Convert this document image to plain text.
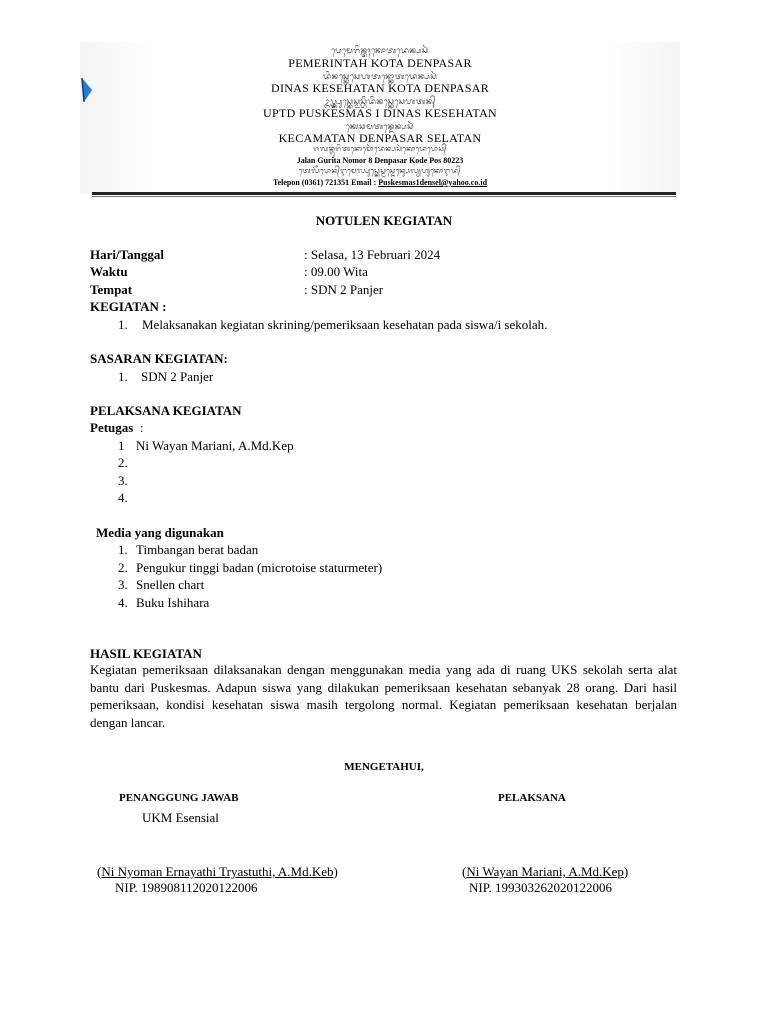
ᬧᬾᬫᬾᬭᬶᬦ᭄ᬢᬄᬓᭀᬢᬤᬾᬦ᭄ᬧᬲᬃ
PEMERINTAH KOTA DENPASAR
ᬤᬶᬦᬲ᭄ᬓᬾᬲᬾᬳᬢᬦ᭄ᬓᭀᬢᬤᬾᬦ᭄ᬧᬲᬃ
DINAS KESEHATAN KOTA DENPASAR
ᬉᬧ᭄ᬢ᭄ᬤ᭄ᬧᬸᬲ᭄ᬓᬾᬲ᭄ᬫᬲ᭄ᬳᬶᬤᬶᬦᬲ᭄ᬓᬾᬲᬾᬳᬢᬦ᭄
UPTD PUSKESMAS I DINAS KESEHATAN
ᬓᬾᬘᬫᬢᬦ᭄ᬤᬾᬦ᭄ᬧᬲᬃ
KECAMATAN DENPASAR SELATAN
ᬚᬮᬦ᭄ᬕᬸᬭᬶᬢᬦᭀᬫᭀᬃᬤᬾᬦ᭄ᬧᬲᬃᬓᭀᬤᬾᬧᭀᬲ᭄
Jalan Gurita Nomor 8 Denpasar Kode Pos 80223
ᬢᬾᬮᭂᬧᭀᬦ᭄ᬇᬫᬾᬮ᭄ᬧᬸᬲ᭄ᬓᬾᬲ᭄ᬫᬲ᭄ᬤᬾᬦ᭄ᬲᬾᬮ᭄ᬬᬳᬸᬓᭀᬇᬤ᭄
Telepon (0361) 721351 Email : Puskesmas1densel@yahoo.co.id
NOTULEN KEGIATAN
Hari/Tanggal	: Selasa, 13 Februari 2024
Waktu	: 09.00 Wita
Tempat	: SDN 2 Panjer
KEGIATAN :
1. Melaksanakan kegiatan skrining/pemeriksaan kesehatan pada siswa/i sekolah.
SASARAN KEGIATAN:
1. SDN 2 Panjer
PELAKSANA KEGIATAN
Petugas :
1 Ni Wayan Mariani, A.Md.Kep
2.
3.
4.
Media yang digunakan
1. Timbangan berat badan
2. Pengukur tinggi badan (microtoise staturmeter)
3. Snellen chart
4. Buku Ishihara
HASIL KEGIATAN
Kegiatan pemeriksaan dilaksanakan dengan menggunakan media yang ada di ruang UKS sekolah serta alat bantu dari Puskesmas. Adapun siswa yang dilakukan pemeriksaan kesehatan sebanyak 28 orang. Dari hasil pemeriksaan, kondisi kesehatan siswa masih tergolong normal. Kegiatan pemeriksaan kesehatan berjalan dengan lancar.
MENGETAHUI,
PENANGGUNG JAWAB	PELAKSANA
UKM Esensial
(Ni Nyoman Ernayathi Tryastuthi, A.Md.Keb)
NIP. 198908112020122006
(Ni Wayan Mariani, A.Md.Kep)
NIP. 199303262020122006
